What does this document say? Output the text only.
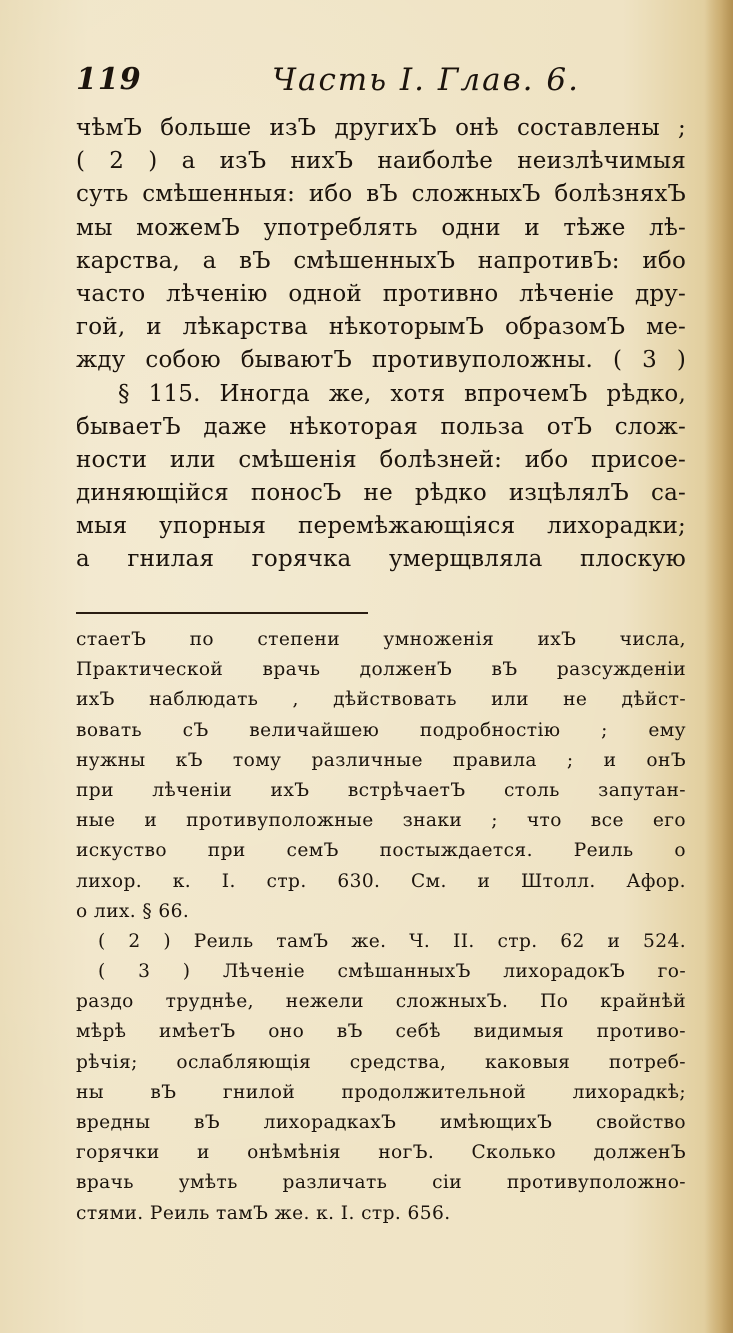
119	Часть I. Глав. 6.
чѣмЪ больше изЪ другихЪ онѣ составлены ;
( 2 ) а изЪ нихЪ наиболѣе неизлѣчимыя
суть смѣшенныя: ибо вЪ сложныхЪ болѣзняхЪ
мы можемЪ употреблять одни и тѣже лѣ-
карства, а вЪ смѣшенныхЪ напротивЪ: ибо
часто лѣченію одной противно лѣченіе дру-
гой, и лѣкарства нѣкоторымЪ образомЪ ме-
жду собою бываютЪ противуположны. ( 3 )
§ 115. Иногда же, хотя впрочемЪ рѣдко,
бываетЪ даже нѣкоторая польза отЪ слож-
ности или смѣшенія болѣзней: ибо присое-
диняющійся поносЪ не рѣдко изцѣлялЪ са-
мыя упорныя перемѣжающіяся лихорадки;
а гнилая горячка умерщвляла плоскую
стаетЪ по степени умноженія ихЪ числа,
Практической врачь долженЪ вЪ разсужденіи
ихЪ наблюдать , дѣйствовать или не дѣйст-
вовать сЪ величайшею подробностію ; ему
нужны кЪ тому различные правила ; и онЪ
при лѣченіи ихЪ встрѣчаетЪ столь запутан-
ные и противуположные знаки ; что все его
искуство при семЪ постыждается. Реиль о
лихор. к. I. стр. 630. См. и Штолл. Афор.
о лих. § 66.
( 2 ) Реиль тамЪ же. Ч. II. стр. 62 и 524.
( 3 ) Лѣченіе смѣшанныхЪ лихорадокЪ го-
раздо труднѣе, нежели сложныхЪ. По крайнѣй
мѣрѣ имѣетЪ оно вЪ себѣ видимыя противо-
рѣчія; ослабляющія средства, каковыя потреб-
ны вЪ гнилой продолжительной лихорадкѣ;
вредны вЪ лихорадкахЪ имѣющихЪ свойство
горячки и онѣмѣнія ногЪ. Сколько долженЪ
врачь умѣть различать сіи противуположно-
стями. Реиль тамЪ же. к. I. стр. 656.
